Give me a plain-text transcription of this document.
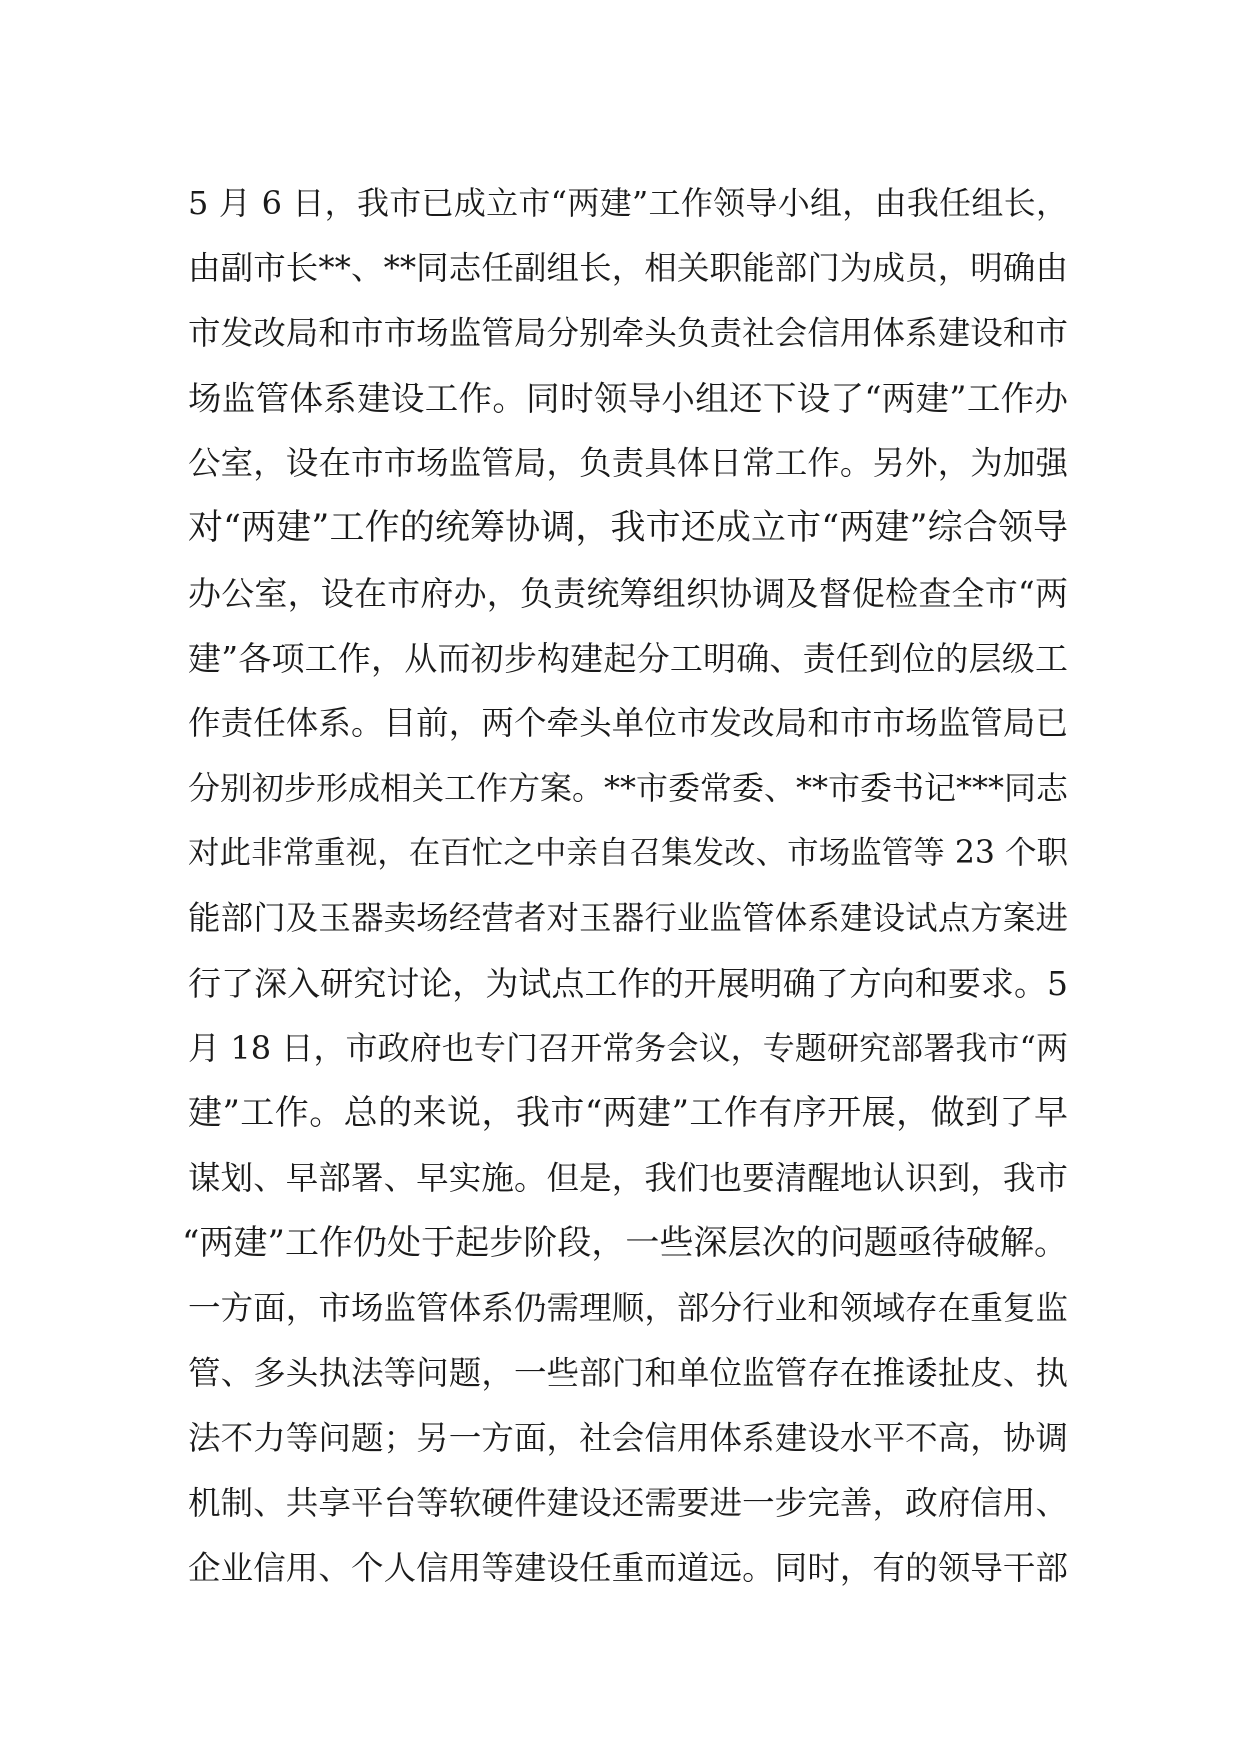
5 月 6 日，我市已成立市“两建”工作领导小组，由我任组长，
由副市长**、**同志任副组长，相关职能部门为成员，明确由
市发改局和市市场监管局分别牵头负责社会信用体系建设和市
场监管体系建设工作。同时领导小组还下设了“两建”工作办
公室，设在市市场监管局，负责具体日常工作。另外，为加强
对“两建”工作的统筹协调，我市还成立市“两建”综合领导
办公室，设在市府办，负责统筹组织协调及督促检查全市“两
建”各项工作，从而初步构建起分工明确、责任到位的层级工
作责任体系。目前，两个牵头单位市发改局和市市场监管局已
分别初步形成相关工作方案。**市委常委、**市委书记***同志
对此非常重视，在百忙之中亲自召集发改、市场监管等 23 个职
能部门及玉器卖场经营者对玉器行业监管体系建设试点方案进
行了深入研究讨论，为试点工作的开展明确了方向和要求。5
月 18 日，市政府也专门召开常务会议，专题研究部署我市“两
建”工作。总的来说，我市“两建”工作有序开展，做到了早
谋划、早部署、早实施。但是，我们也要清醒地认识到，我市
“两建”工作仍处于起步阶段，一些深层次的问题亟待破解。
一方面，市场监管体系仍需理顺，部分行业和领域存在重复监
管、多头执法等问题，一些部门和单位监管存在推诿扯皮、执
法不力等问题；另一方面，社会信用体系建设水平不高，协调
机制、共享平台等软硬件建设还需要进一步完善，政府信用、
企业信用、个人信用等建设任重而道远。同时，有的领导干部
